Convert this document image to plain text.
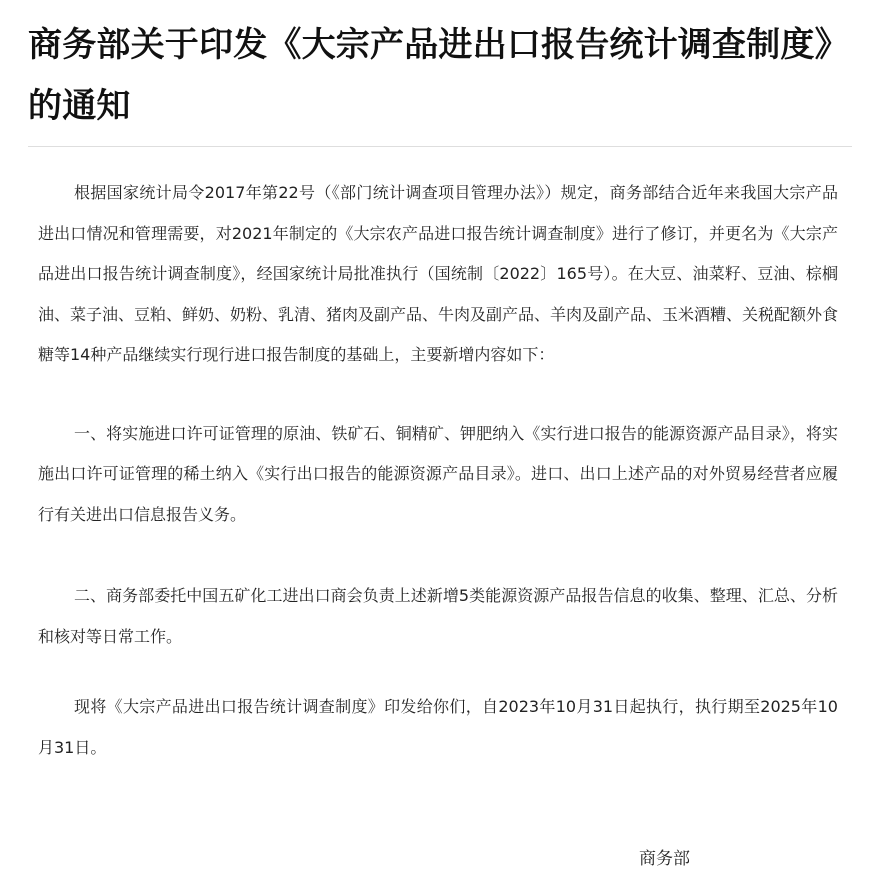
商务部关于印发《大宗产品进出口报告统计调查制度》的通知

根据国家统计局令2017年第22号（《部门统计调查项目管理办法》）规定，商务部结合近年来我国大宗产品进出口情况和管理需要，对2021年制定的《大宗农产品进口报告统计调查制度》进行了修订，并更名为《大宗产品进出口报告统计调查制度》，经国家统计局批准执行（国统制〔2022〕165号）。在大豆、油菜籽、豆油、棕榈油、菜子油、豆粕、鲜奶、奶粉、乳清、猪肉及副产品、牛肉及副产品、羊肉及副产品、玉米酒糟、关税配额外食糖等14种产品继续实行现行进口报告制度的基础上，主要新增内容如下：

一、将实施进口许可证管理的原油、铁矿石、铜精矿、钾肥纳入《实行进口报告的能源资源产品目录》，将实施出口许可证管理的稀土纳入《实行出口报告的能源资源产品目录》。进口、出口上述产品的对外贸易经营者应履行有关进出口信息报告义务。

二、商务部委托中国五矿化工进出口商会负责上述新增5类能源资源产品报告信息的收集、整理、汇总、分析和核对等日常工作。

现将《大宗产品进出口报告统计调查制度》印发给你们，自2023年10月31日起执行，执行期至2025年10月31日。

商务部
